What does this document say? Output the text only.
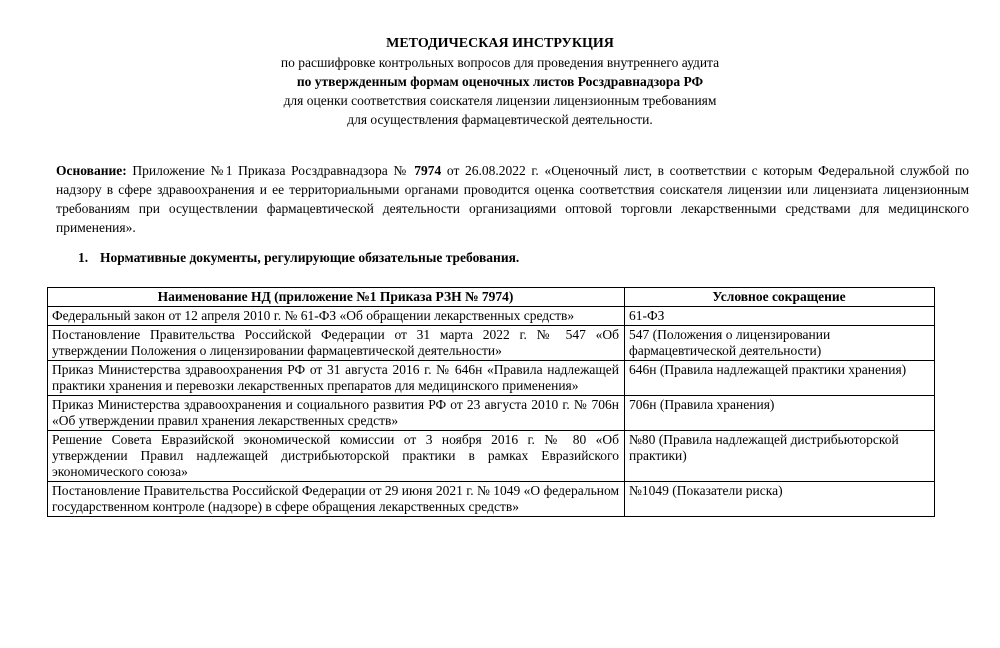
МЕТОДИЧЕСКАЯ ИНСТРУКЦИЯ
по расшифровке контрольных вопросов для проведения внутреннего аудита
по утвержденным формам оценочных листов Росздравнадзора РФ
для оценки соответствия соискателя лицензии лицензионным требованиям
для осуществления фармацевтической деятельности.
Основание: Приложение №1 Приказа Росздравнадзора № 7974 от 26.08.2022 г. «Оценочный лист, в соответствии с которым Федеральной службой по надзору в сфере здравоохранения и ее территориальными органами проводится оценка соответствия соискателя лицензии или лицензиата лицензионным требованиям при осуществлении фармацевтической деятельности организациями оптовой торговли лекарственными средствами для медицинского применения».
1. Нормативные документы, регулирующие обязательные требования.
Наименование НД (приложение №1 Приказа РЗН № 7974)	Условное сокращение
Федеральный закон от 12 апреля 2010 г. № 61-ФЗ «Об обращении лекарственных средств»	61-ФЗ
Постановление Правительства Российской Федерации от 31 марта 2022 г. № 547 «Об утверждении Положения о лицензировании фармацевтической деятельности»	547 (Положения о лицензировании фармацевтической деятельности)
Приказ Министерства здравоохранения РФ от 31 августа 2016 г. № 646н «Правила надлежащей практики хранения и перевозки лекарственных препаратов для медицинского применения»	646н (Правила надлежащей практики хранения)
Приказ Министерства здравоохранения и социального развития РФ от 23 августа 2010 г. № 706н «Об утверждении правил хранения лекарственных средств»	706н (Правила хранения)
Решение Совета Евразийской экономической комиссии от 3 ноября 2016 г. № 80 «Об утверждении Правил надлежащей дистрибьюторской практики в рамках Евразийского экономического союза»	№80 (Правила надлежащей дистрибьюторской практики)
Постановление Правительства Российской Федерации от 29 июня 2021 г. № 1049 «О федеральном государственном контроле (надзоре) в сфере обращения лекарственных средств»	№1049 (Показатели риска)
